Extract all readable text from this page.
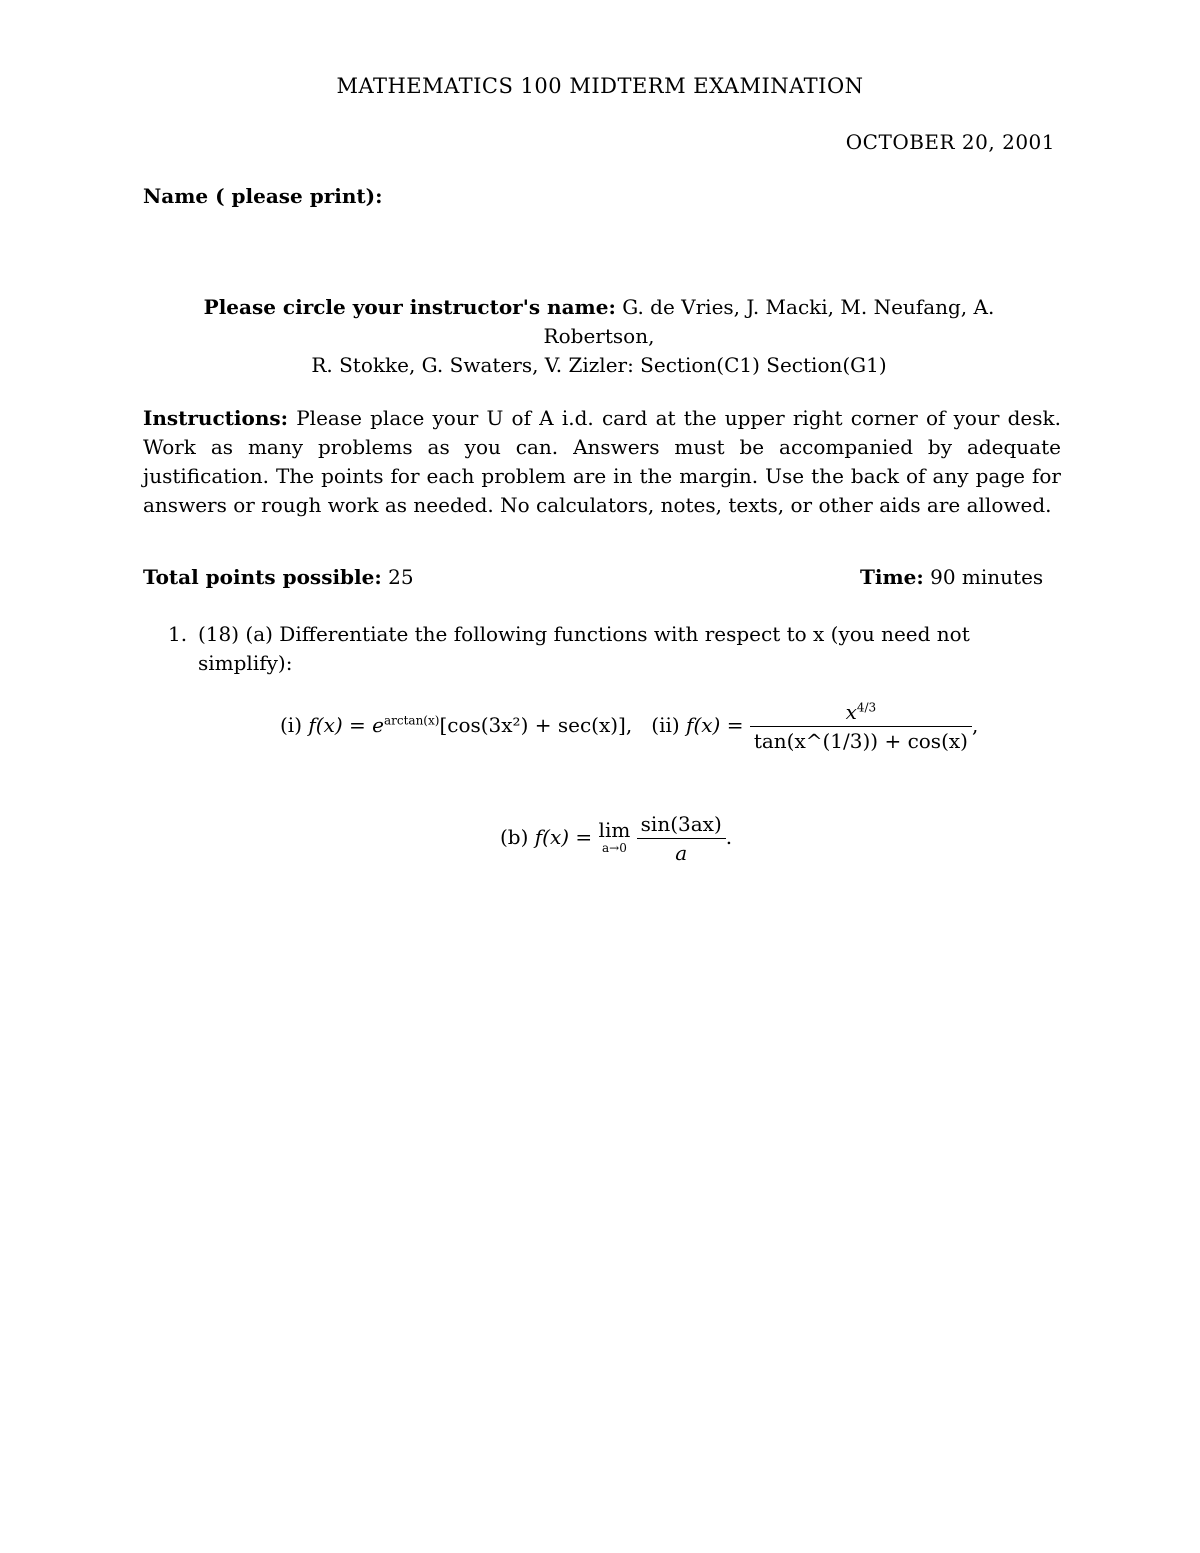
MATHEMATICS 100 MIDTERM EXAMINATION
OCTOBER 20, 2001
Name ( please print):
Please circle your instructor's name: G. de Vries, J. Macki, M. Neufang, A.
Robertson,
R. Stokke, G. Swaters, V. Zizler: Section(C1) Section(G1)
Instructions: Please place your U of A i.d. card at the upper right corner of your desk. Work as many problems as you can. Answers must be accompanied by adequate justification. The points for each problem are in the margin. Use the back of any page for answers or rough work as needed. No calculators, notes, texts, or other aids are allowed.
Total points possible: 25	Time: 90 minutes
1. (18) (a) Differentiate the following functions with respect to x (you need not simplify):
(i) $f(x) = e^{arctan(x)}[\cos(3x^2) + \sec(x)]$, (ii) $f(x) = \frac{x^{4/3}}{\tan(x\^{}(1/3)) + \cos(x)}$ ,
(b) f(x) = lim
a→0
$\frac{\sin(3ax)}{a}$ .
